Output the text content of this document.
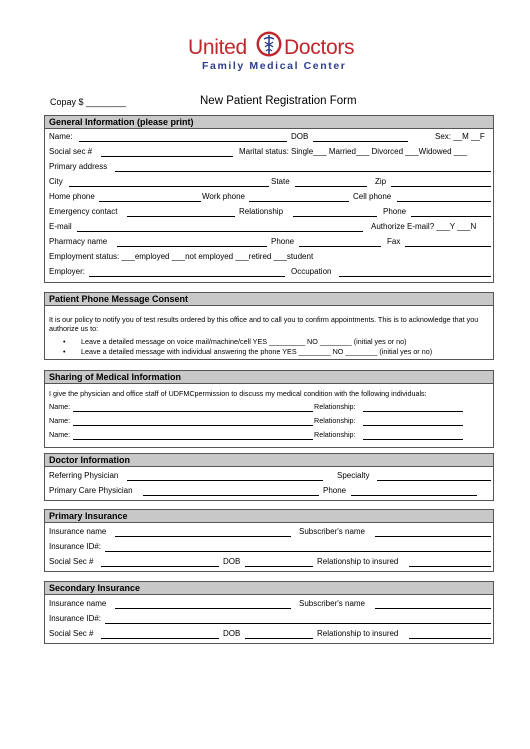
United Doctors
Family Medical Center
Copay $ ________	New Patient Registration Form
General Information (please print)
Name:	DOB	Sex: __M __F
Social sec #	Marital status: Single___ Married___ Divorced ___Widowed ___
Primary address
City	State	Zip
Home phone	Work phone	Cell phone
Emergency contact	Relationship	Phone
E-mail	Authorize E-mail? ___Y ___N
Pharmacy name	Phone	Fax
Employment status: ___employed ___not employed ___retired ___student
Employer:	Occupation
Patient Phone Message Consent
It is our policy to notify you of test results ordered by this office and to call you to confirm appointments. This is to acknowledge that you authorize us to:
• Leave a detailed message on voice mail/machine/cell YES _________ NO ________ (initial yes or no)
• Leave a detailed message with individual answering the phone YES ________ NO ________ (initial yes or no)
Sharing of Medical Information
I give the physician and office staff of UDFMCpermission to discuss my medical condition with the following individuals:
Name:	Relationship:
Name:	Relationship:
Name:	Relationship:
Doctor Information
Referring Physician	Specialty
Primary Care Physician	Phone
Primary Insurance
Insurance name	Subscriber's name
Insurance ID#:
Social Sec #	DOB	Relationship to insured
Secondary Insurance
Insurance name	Subscriber's name
Insurance ID#:
Social Sec #	DOB	Relationship to insured
